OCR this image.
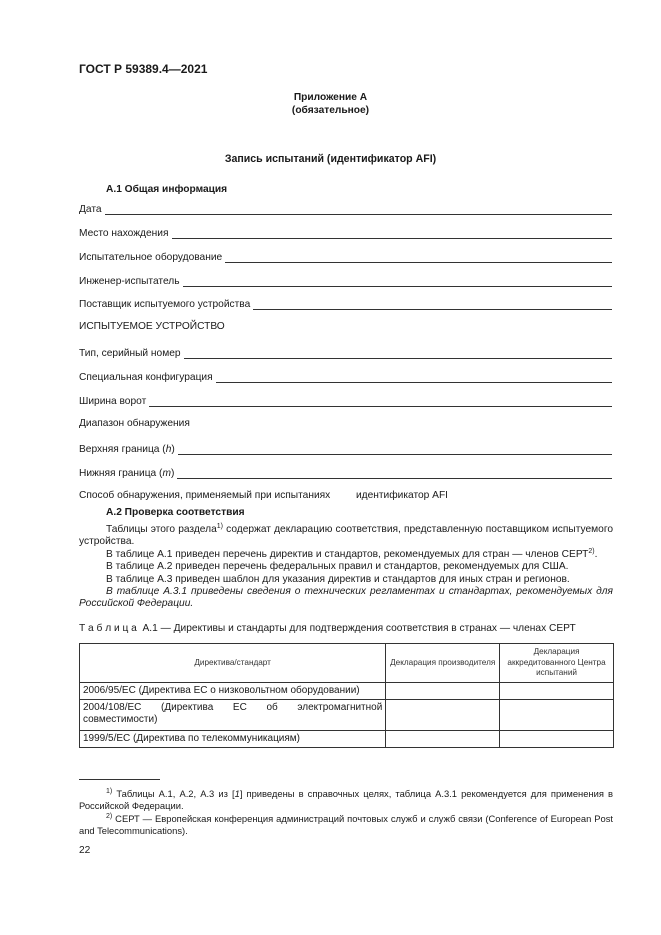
ГОСТ Р 59389.4—2021
Приложение А
(обязательное)
Запись испытаний (идентификатор AFI)
А.1 Общая информация
Дата
Место нахождения
Испытательное оборудование
Инженер-испытатель
Поставщик испытуемого устройства
ИСПЫТУЕМОЕ УСТРОЙСТВО
Тип, серийный номер
Специальная конфигурация
Ширина ворот
Диапазон обнаружения
Верхняя граница (h)
Нижняя граница (m)
Способ обнаружения, применяемый при испытаниях	идентификатор AFI
А.2 Проверка соответствия
Таблицы этого раздела$^{1)}$ содержат декларацию соответствия, представленную поставщиком испытуемого устройства.
В таблице А.1 приведен перечень директив и стандартов, рекомендуемых для стран — членов СЕРТ$^{2)}$.
В таблице А.2 приведен перечень федеральных правил и стандартов, рекомендуемых для США.
В таблице А.3 приведен шаблон для указания директив и стандартов для иных стран и регионов.
В таблице А.3.1 приведены сведения о технических регламентах и стандартах, рекомендуемых для Российской Федерации.
Т а б л и ц а А.1 — Директивы и стандарты для подтверждения соответствия в странах — членах СЕРТ
Директива/стандарт	Декларация производителя	Декларация аккредитованного Центра испытаний
2006/95/ЕС (Директива ЕС о низковольтном оборудовании)		
2004/108/ЕС (Директива ЕС об электромагнитной совместимости)		
1999/5/ЕС (Директива по телекоммуникациям)		
$^{1)}$ Таблицы А.1, А.2, А.3 из [1] приведены в справочных целях, таблица А.3.1 рекомендуется для применения в Российской Федерации.
$^{2)}$ СЕРТ — Европейская конференция администраций почтовых служб и служб связи (Conference of European Post and Telecommunications).
22
